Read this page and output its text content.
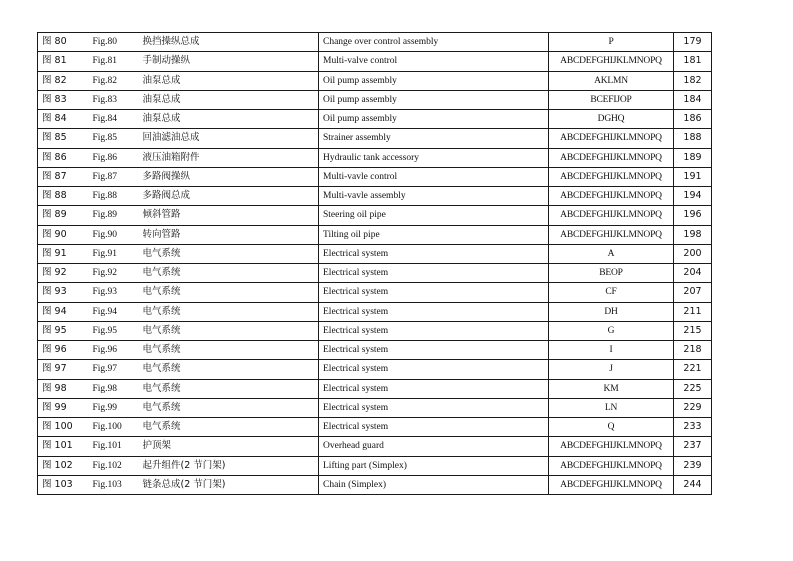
图 80	Fig.80	换挡操纵总成	Change over control assembly	P	179
图 81	Fig.81	手制动操纵	Multi-valve control	ABCDEFGHIJKLMNOPQ	181
图 82	Fig.82	油泵总成	Oil pump assembly	AKLMN	182
图 83	Fig.83	油泵总成	Oil pump assembly	BCEFIJOP	184
图 84	Fig.84	油泵总成	Oil pump assembly	DGHQ	186
图 85	Fig.85	回油滤油总成	Strainer assembly	ABCDEFGHIJKLMNOPQ	188
图 86	Fig.86	液压油箱附件	Hydraulic tank accessory	ABCDEFGHIJKLMNOPQ	189
图 87	Fig.87	多路阀操纵	Multi-vavle control	ABCDEFGHIJKLMNOPQ	191
图 88	Fig.88	多路阀总成	Multi-vavle assembly	ABCDEFGHIJKLMNOPQ	194
图 89	Fig.89	倾斜管路	Steering oil pipe	ABCDEFGHIJKLMNOPQ	196
图 90	Fig.90	转向管路	Tilting oil pipe	ABCDEFGHIJKLMNOPQ	198
图 91	Fig.91	电气系统	Electrical system	A	200
图 92	Fig.92	电气系统	Electrical system	BEOP	204
图 93	Fig.93	电气系统	Electrical system	CF	207
图 94	Fig.94	电气系统	Electrical system	DH	211
图 95	Fig.95	电气系统	Electrical system	G	215
图 96	Fig.96	电气系统	Electrical system	I	218
图 97	Fig.97	电气系统	Electrical system	J	221
图 98	Fig.98	电气系统	Electrical system	KM	225
图 99	Fig.99	电气系统	Electrical system	LN	229
图 100	Fig.100	电气系统	Electrical system	Q	233
图 101	Fig.101	护顶架	Overhead guard	ABCDEFGHIJKLMNOPQ	237
图 102	Fig.102	起升组件(2 节门架)	Lifting part (Simplex)	ABCDEFGHIJKLMNOPQ	239
图 103	Fig.103	链条总成(2 节门架)	Chain (Simplex)	ABCDEFGHIJKLMNOPQ	244
